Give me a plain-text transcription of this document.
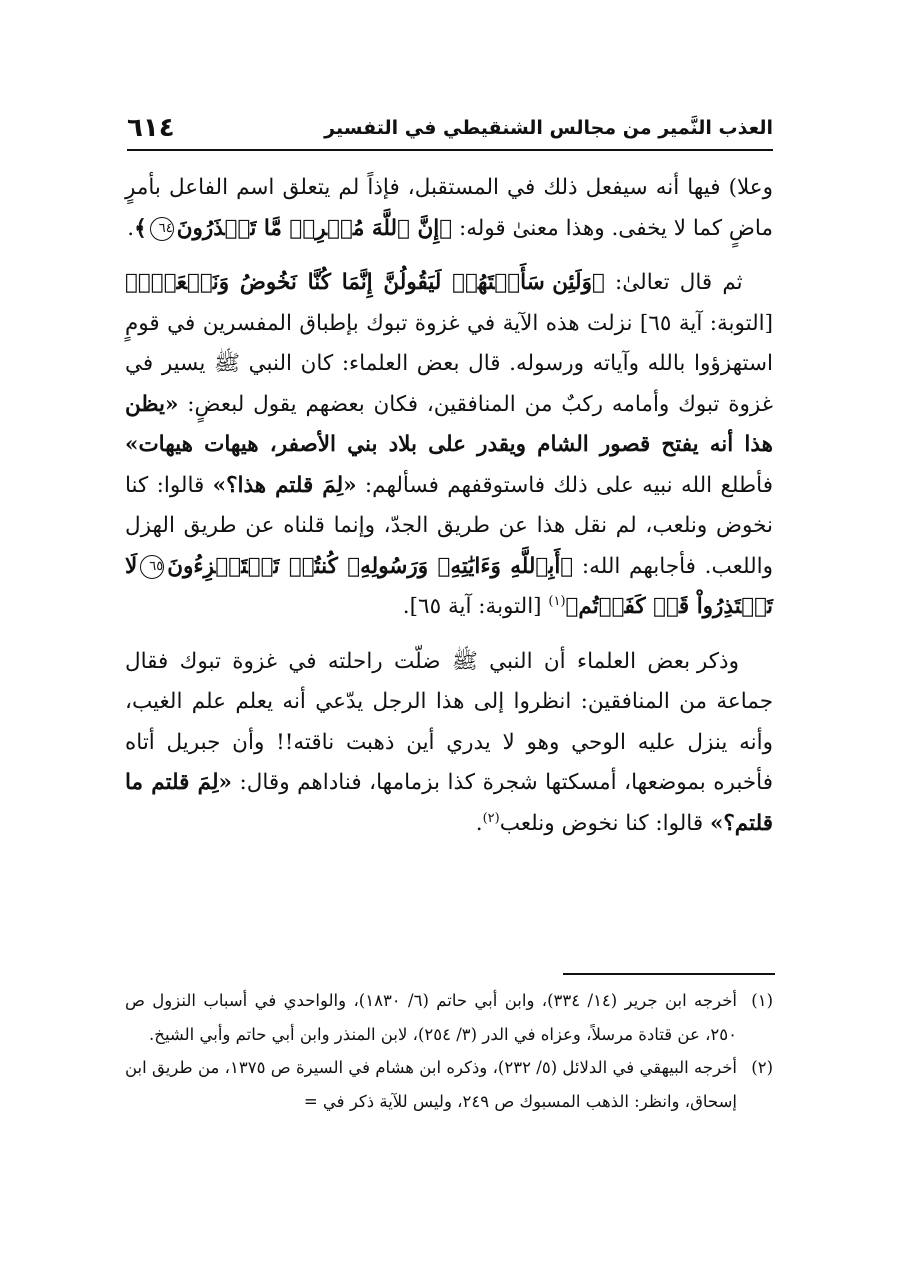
العذب النَّمير من مجالس الشنقيطي في التفسير
٦١٤

وعلا) فيها أنه سيفعل ذلك في المستقبل، فإذاً لم يتعلق اسم الفاعل بأمرٍ ماضٍ كما لا يخفى. وهذا معنىٰ قوله: ﴿إِنَّ ٱللَّهَ مُخۡرِجٞ مَّا تَحۡذَرُونَ٦٤﴾.

ثم قال تعالىٰ: ﴿وَلَئِن سَأَلۡتَهُمۡ لَيَقُولُنَّ إِنَّمَا كُنَّا نَخُوضُ وَنَلۡعَبُۚ﴾ [التوبة: آية ٦٥] نزلت هذه الآية في غزوة تبوك بإطباق المفسرين في قومٍ استهزؤوا بالله وآياته ورسوله. قال بعض العلماء: كان النبي ﷺ يسير في غزوة تبوك وأمامه ركبٌ من المنافقين، فكان بعضهم يقول لبعضٍ: «يظن هذا أنه يفتح قصور الشام ويقدر على بلاد بني الأصفر، هيهات هيهات» فأطلع الله نبيه على ذلك فاستوقفهم فسألهم: «لِمَ قلتم هذا؟» قالوا: كنا نخوض ونلعب، لم نقل هذا عن طريق الجدّ، وإنما قلناه عن طريق الهزل واللعب. فأجابهم الله: ﴿أَبِٱللَّهِ وَءَايَٰتِهِۦ وَرَسُولِهِۦ كُنتُمۡ تَسۡتَهۡزِءُونَ٦٥لَا تَعۡتَذِرُواْ قَدۡ كَفَرۡتُم﴾$^{(١)}$ [التوبة: آية ٦٥].

وذكر بعض العلماء أن النبي ﷺ ضلّت راحلته في غزوة تبوك فقال جماعة من المنافقين: انظروا إلى هذا الرجل يدّعي أنه يعلم علم الغيب، وأنه ينزل عليه الوحي وهو لا يدري أين ذهبت ناقته!! وأن جبريل أتاه فأخبره بموضعها، أمسكتها شجرة كذا بزمامها، فناداهم وقال: «لِمَ قلتم ما قلتم؟» قالوا: كنا نخوض ونلعب$^{(٢)}$.

(١)
أخرجه ابن جرير (١٤/ ٣٣٤)، وابن أبي حاتم (٦/ ١٨٣٠)، والواحدي في أسباب النزول ص ٢٥٠، عن قتادة مرسلاً، وعزاه في الدر (٣/ ٢٥٤)، لابن المنذر وابن أبي حاتم وأبي الشيخ.

(٢)
أخرجه البيهقي في الدلائل (٥/ ٢٣٢)، وذكره ابن هشام في السيرة ص ١٣٧٥، من طريق ابن إسحاق، وانظر: الذهب المسبوك ص ٢٤٩، وليس للآية ذكر في =
